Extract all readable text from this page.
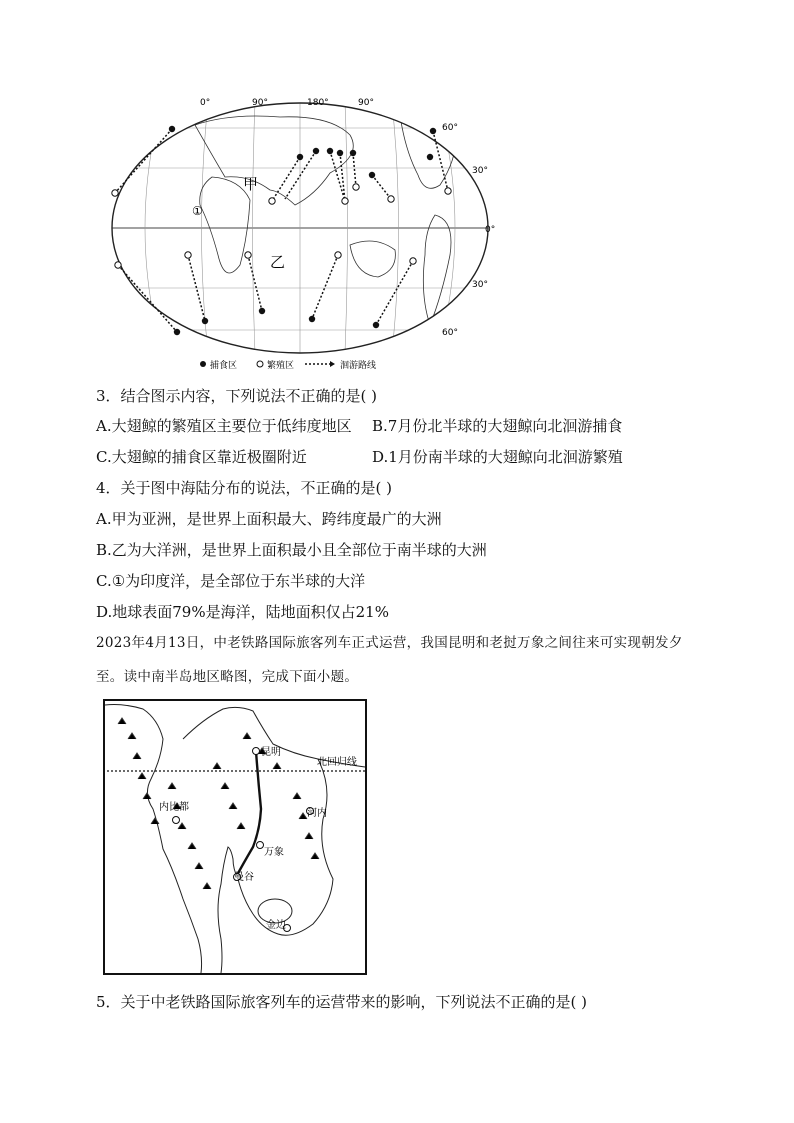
0°	90°	180°	90°
60°
30°
0°
30°
60°
甲
乙
①
捕食区	繁殖区	洄游路线
3．结合图示内容，下列说法不正确的是( )
A.大翅鲸的繁殖区主要位于低纬度地区 B.7月份北半球的大翅鲸向北洄游捕食
C.大翅鲸的捕食区靠近极圈附近	D.1月份南半球的大翅鲸向北洄游繁殖
4．关于图中海陆分布的说法，不正确的是( )
A.甲为亚洲，是世界上面积最大、跨纬度最广的大洲
B.乙为大洋洲，是世界上面积最小且全部位于南半球的大洲
C.①为印度洋，是全部位于东半球的大洋
D.地球表面79%是海洋，陆地面积仅占21%
2023年4月13日，中老铁路国际旅客列车正式运营，我国昆明和老挝万象之间往来可实现朝发夕至。读中南半岛地区略图，完成下面小题。
北回归线
昆明
内比都
河内
万象
曼谷
金边
5．关于中老铁路国际旅客列车的运营带来的影响，下列说法不正确的是( )
